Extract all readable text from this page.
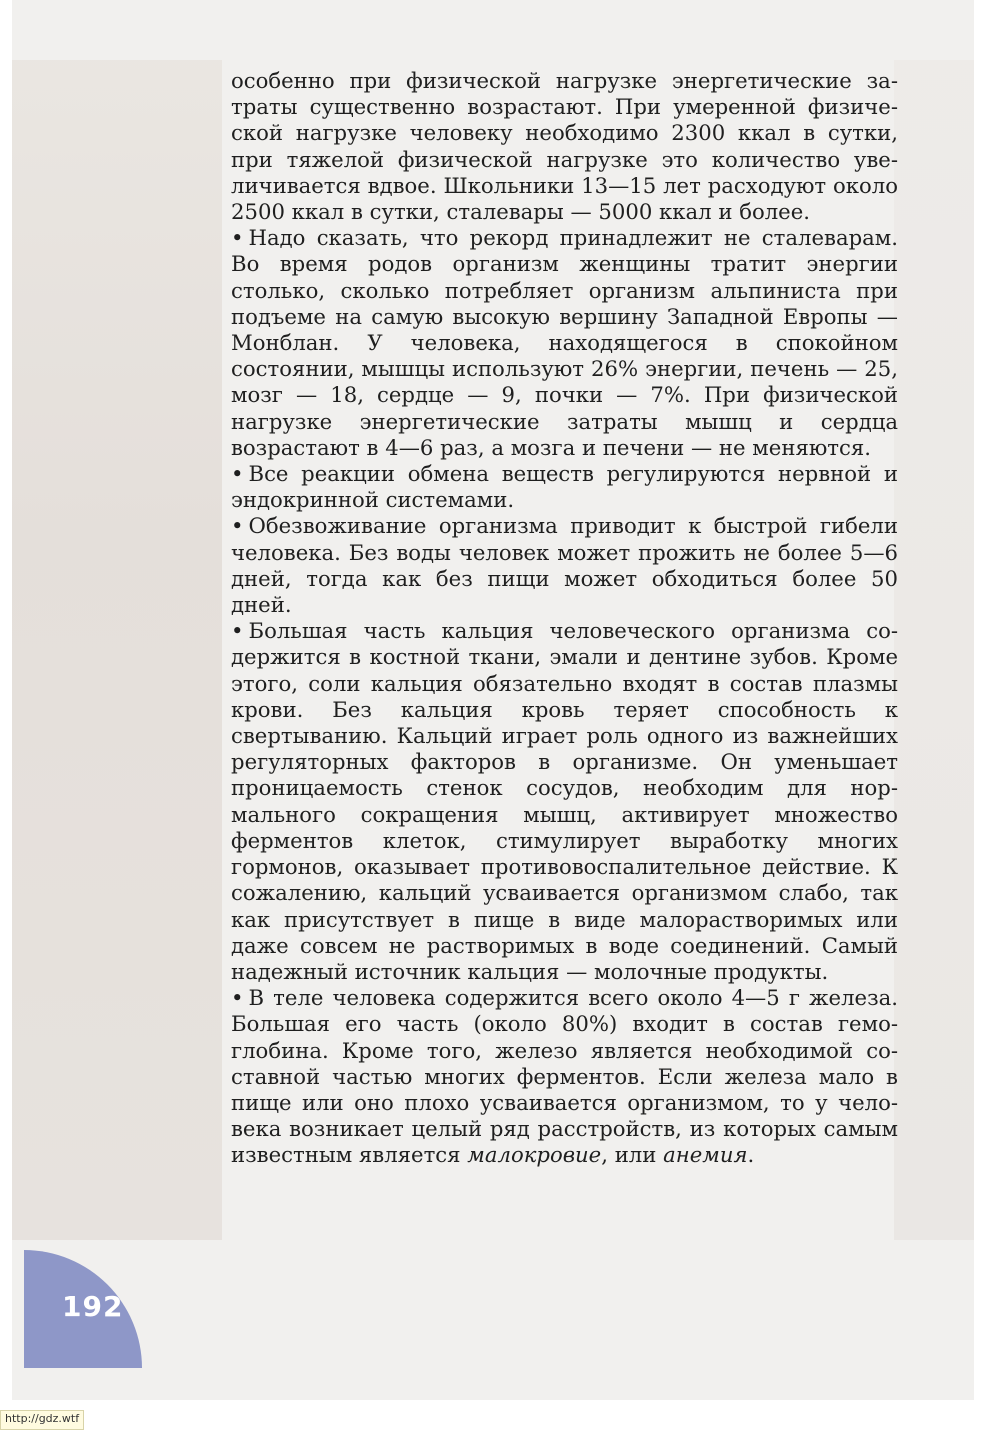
особенно при физической нагрузке энергетические затраты существенно возрастают. При умеренной физической нагрузке человеку необходимо 2300 ккал в сутки, при тяжелой физической нагрузке это количество увеличивается вдвое. Школьники 13—15 лет расходуют около 2500 ккал в сутки, сталевары — 5000 ккал и более.

• Надо сказать, что рекорд принадлежит не сталеварам. Во время родов организм женщины тратит энергии столько, сколько потребляет организм альпиниста при подъеме на самую высокую вершину Западной Европы — Монблан. У человека, находящегося в спокойном состоянии, мышцы используют 26% энергии, печень — 25, мозг — 18, сердце — 9, почки — 7%. При физической нагрузке энергетические затраты мышц и сердца возрастают в 4—6 раз, а мозга и печени — не меняются.

• Все реакции обмена веществ регулируются нервной и эндокринной системами.

• Обезвоживание организма приводит к быстрой гибели человека. Без воды человек может прожить не более 5—6 дней, тогда как без пищи может обходиться более 50 дней.

• Большая часть кальция человеческого организма содержится в костной ткани, эмали и дентине зубов. Кроме этого, соли кальция обязательно входят в состав плазмы крови. Без кальция кровь теряет способность к свертыванию. Кальций играет роль одного из важнейших регуляторных факторов в организме. Он уменьшает проницаемость стенок сосудов, необходим для нормального сокращения мышц, активирует множество ферментов клеток, стимулирует выработку многих гормонов, оказывает противовоспалительное действие. К сожалению, кальций усваивается организмом слабо, так как присутствует в пище в виде малорастворимых или даже совсем не растворимых в воде соединений. Самый надежный источник кальция — молочные продукты.

• В теле человека содержится всего около 4—5 г железа. Большая его часть (около 80%) входит в состав гемоглобина. Кроме того, железо является необходимой составной частью многих ферментов. Если железа мало в пище или оно плохо усваивается организмом, то у человека возникает целый ряд расстройств, из которых самым известным является малокровие, или анемия.

192
http://gdz.wtf
